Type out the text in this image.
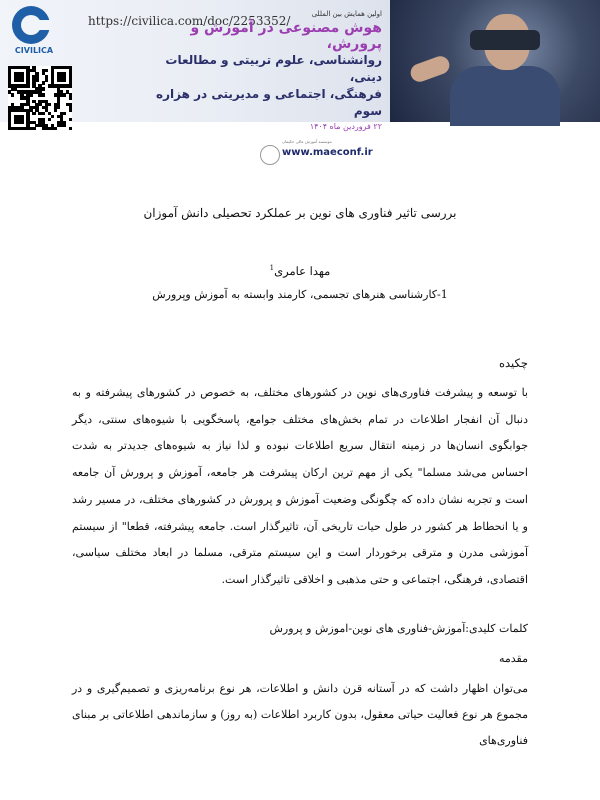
CIVILICA
https://civilica.com/doc/2253352/	اولین همایش بین المللی
هوش مصنوعی در آموزش و پرورش،
روانشناسی، علوم تربیتی و مطالعات دینی،
فرهنگی، اجتماعی و مدیریتی در هزاره سوم
۲۲ فروردین ماه ۱۴۰۴
موسسه آموزش عالی حکیمان
www.maeconf.ir
بررسی تاثیر فناوری های نوین بر عملکرد تحصیلی دانش آموزان
مهدا عامری$^1$
1-کارشناسی هنرهای تجسمی، کارمند وابسته به آموزش وپرورش
چکیده
با توسعه و پیشرفت فناوری‌های نوین در کشورهای مختلف، به خصوص در کشورهای پیشرفته و به دنبال آن انفجار اطلاعات در تمام بخش‌های مختلف جوامع، پاسخگویی با شیوه‌های سنتی، دیگر جوابگوی انسان‌ها در زمینه انتقال سریع اطلاعات نبوده و لذا نیاز به شیوه‌های جدیدتر به شدت احساس می‌شد مسلما" یکی از مهم ترین ارکان پیشرفت هر جامعه، آموزش و پرورش آن جامعه است و تجربه نشان داده که چگونگی وضعیت آموزش و پرورش در کشورهای مختلف، در مسیر رشد و یا انحطاط هر کشور در طول حیات تاریخی آن، تاثیرگذار است. جامعه پیشرفته، قطعا" از سیستم آموزشی مدرن و مترقی برخوردار است و این سیستم مترقی، مسلما در ابعاد مختلف سیاسی، اقتصادی، فرهنگی، اجتماعی و حتی مذهبی و اخلاقی تاثیرگذار است.
کلمات کلیدی:آموزش-فناوری های نوین-اموزش و پرورش
مقدمه
می‌توان اظهار داشت که در آستانه قرن دانش و اطلاعات، هر نوع برنامه‌ریزی و تصمیم‌گیری و در مجموع هر نوع فعالیت حیاتی معقول، بدون کاربرد اطلاعات (به روز) و سازماندهی اطلاعاتی بر مبنای فناوری‌های
